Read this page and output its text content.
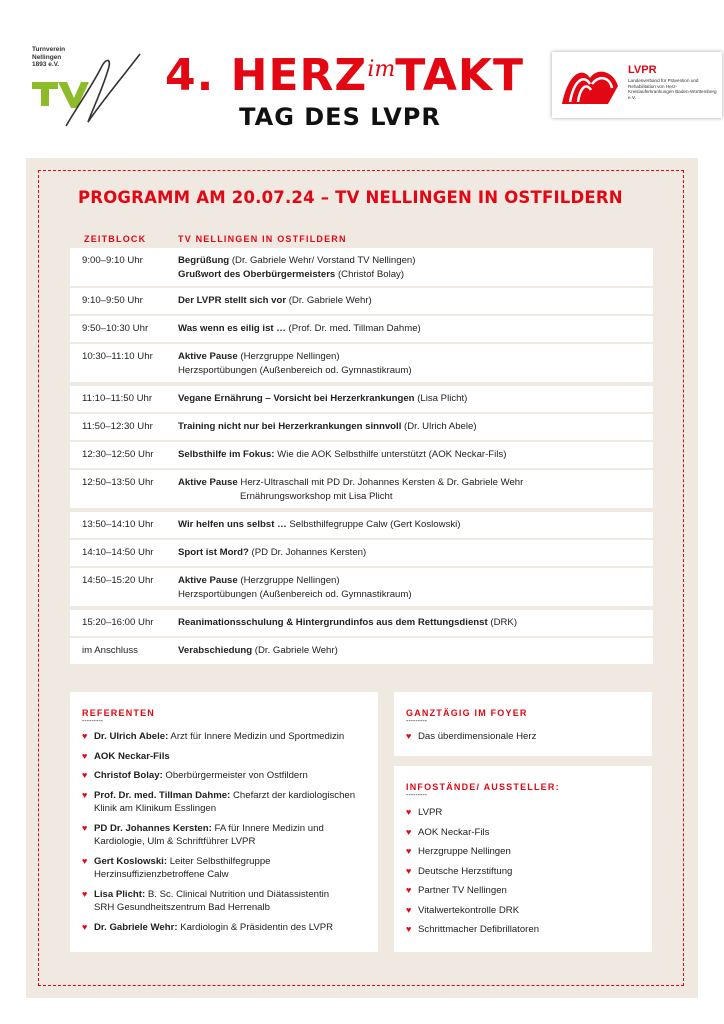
Turnverein
Nellingen
1893 e.V. 4. $HERZ^{im}TAKT$
TAG DES LVPR
LVPR
Landesverband für Prävention und Rehabilitation von Herz-Kreislauferkrankungen Baden-Württemberg e.V.
PROGRAMM AM 20.07.24 – TV NELLINGEN IN OSTFILDERN
ZEITBLOCK	TV NELLINGEN IN OSTFILDERN
9:00–9:10 Uhr	Begrüßung (Dr. Gabriele Wehr/ Vorstand TV Nellingen)
Grußwort des Oberbürgermeisters (Christof Bolay)
9:10–9:50 Uhr	Der LVPR stellt sich vor (Dr. Gabriele Wehr)
9:50–10:30 Uhr	Was wenn es eilig ist … (Prof. Dr. med. Tillman Dahme)
10:30–11:10 Uhr	Aktive Pause (Herzgruppe Nellingen)
Herzsportübungen (Außenbereich od. Gymnastikraum)
11:10–11:50 Uhr	Vegane Ernährung – Vorsicht bei Herzerkrankungen (Lisa Plicht)
11:50–12:30 Uhr	Training nicht nur bei Herzerkrankungen sinnvoll (Dr. Ulrich Abele)
12:30–12:50 Uhr	Selbsthilfe im Fokus: Wie die AOK Selbsthilfe unterstützt (AOK Neckar-Fils)
12:50–13:50 Uhr	Aktive Pause Herz-Ultraschall mit PD Dr. Johannes Kersten & Dr. Gabriele Wehr
Ernährungsworkshop mit Lisa Plicht
13:50–14:10 Uhr	Wir helfen uns selbst … Selbsthilfegruppe Calw (Gert Koslowski)
14:10–14:50 Uhr	Sport ist Mord? (PD Dr. Johannes Kersten)
14:50–15:20 Uhr	Aktive Pause (Herzgruppe Nellingen)
Herzsportübungen (Außenbereich od. Gymnastikraum)
15:20–16:00 Uhr	Reanimationsschulung & Hintergrundinfos aus dem Rettungsdienst (DRK)
im Anschluss	Verabschiedung (Dr. Gabriele Wehr)
REFERENTEN
---------
♥ Dr. Ulrich Abele: Arzt für Innere Medizin und Sportmedizin
♥ AOK Neckar-Fils
♥ Christof Bolay: Oberbürgermeister von Ostfildern
♥ Prof. Dr. med. Tillman Dahme: Chefarzt der kardiologischen
Klinik am Klinikum Esslingen
♥ PD Dr. Johannes Kersten: FA für Innere Medizin und
Kardiologie, Ulm & Schriftführer LVPR
♥ Gert Koslowski: Leiter Selbsthilfegruppe
Herzinsuffizienzbetroffene Calw
♥ Lisa Plicht: B. Sc. Clinical Nutrition und Diätassistentin
SRH Gesundheitszentrum Bad Herrenalb
♥ Dr. Gabriele Wehr: Kardiologin & Präsidentin des LVPR
GANZTÄGIG IM FOYER
---------
♥ Das überdimensionale Herz
INFOSTÄNDE/ AUSSTELLER:
---------
♥ LVPR
♥ AOK Neckar-Fils
♥ Herzgruppe Nellingen
♥ Deutsche Herzstiftung
♥ Partner TV Nellingen
♥ Vitalwertekontrolle DRK
♥ Schrittmacher Defibrillatoren
